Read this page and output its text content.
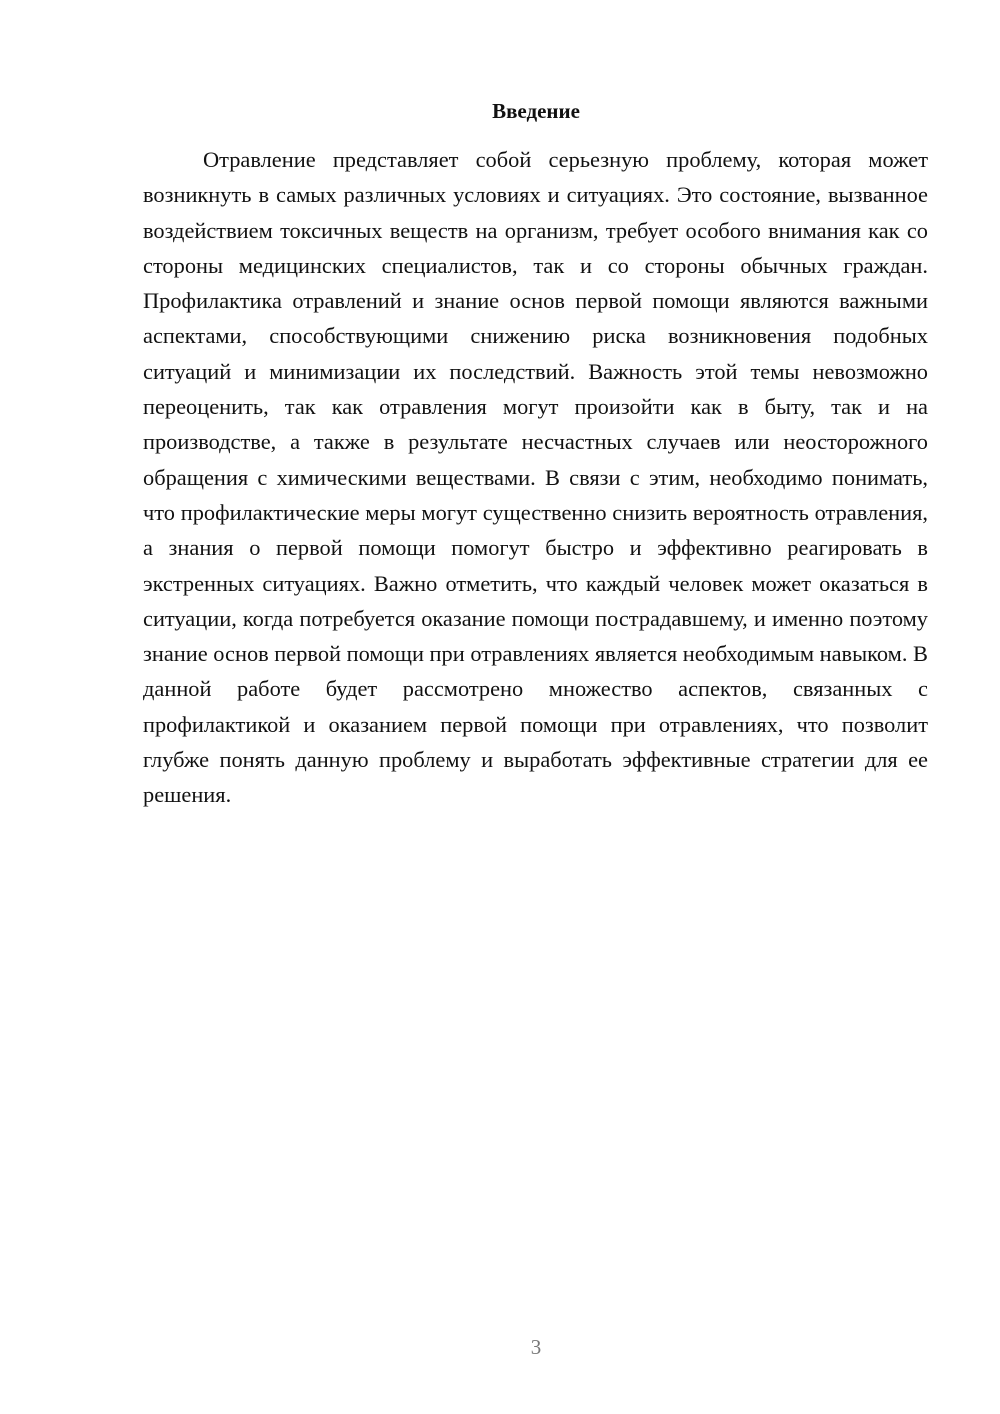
Введение

Отравление представляет собой серьезную проблему, которая может возникнуть в самых различных условиях и ситуациях. Это состояние, вызванное воздействием токсичных веществ на организм, требует особого внимания как со стороны медицинских специалистов, так и со стороны обычных граждан. Профилактика отравлений и знание основ первой помощи являются важными аспектами, способствующими снижению риска возникновения подобных ситуаций и минимизации их последствий. Важность этой темы невозможно переоценить, так как отравления могут произойти как в быту, так и на производстве, а также в результате несчастных случаев или неосторожного обращения с химическими веществами. В связи с этим, необходимо понимать, что профилактические меры могут существенно снизить вероятность отравления, а знания о первой помощи помогут быстро и эффективно реагировать в экстренных ситуациях. Важно отметить, что каждый человек может оказаться в ситуации, когда потребуется оказание помощи пострадавшему, и именно поэтому знание основ первой помощи при отравлениях является необходимым навыком. В данной работе будет рассмотрено множество аспектов, связанных с профилактикой и оказанием первой помощи при отравлениях, что позволит глубже понять данную проблему и выработать эффективные стратегии для ее решения.

3
